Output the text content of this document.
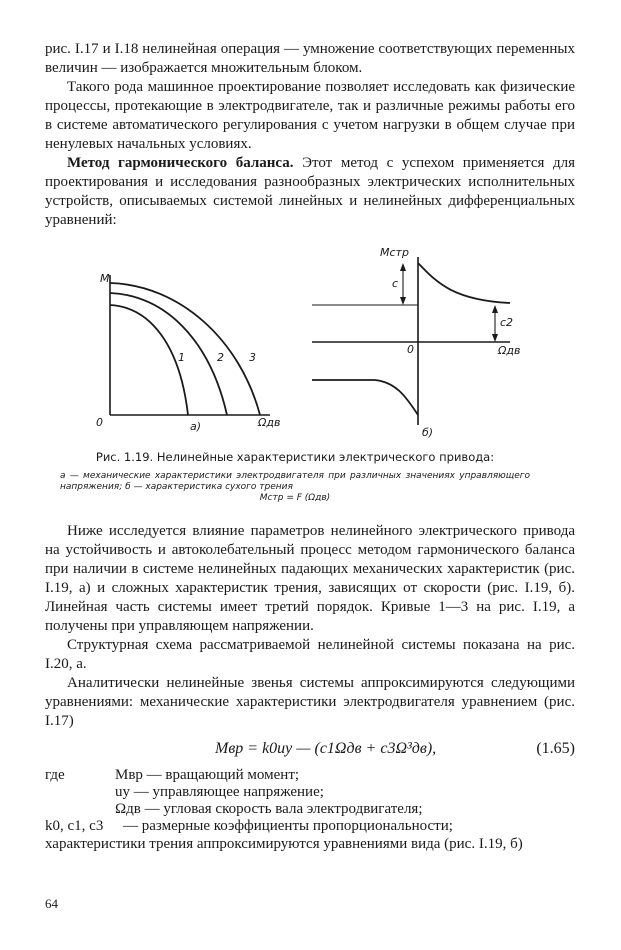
рис. I.17 и I.18 нелинейная операция — умножение соответствующих переменных величин — изображается множительным блоком.

Такого рода машинное проектирование позволяет исследовать как физические процессы, протекающие в электродвигателе, так и различные режимы работы его в системе автоматического регулирования с учетом нагрузки в общем случае при ненулевых начальных условиях.

Метод гармонического баланса. Этот метод с успехом применяется для проектирования и исследования разнообразных электрических исполнительных устройств, описываемых системой линейных и нелинейных дифференциальных уравнений:

M
0	Ωдв
1	2 3
а)
Mстр
0	Ωдв
c
c2
б)
Рис. 1.19. Нелинейные характеристики электрического привода:
а — механические характеристики электродвигателя при различных значениях управляющего напряжения; б — характеристика сухого трения
Mстр = F (Ωдв)

Ниже исследуется влияние параметров нелинейного электрического привода на устойчивость и автоколебательный процесс методом гармонического баланса при наличии в системе нелинейных падающих механических характеристик (рис. I.19, а) и сложных характеристик трения, зависящих от скорости (рис. I.19, б). Линейная часть системы имеет третий порядок. Кривые 1—3 на рис. I.19, а получены при управляющем напряжении.

Структурная схема рассматриваемой нелинейной системы показана на рис. I.20, а.

Аналитически нелинейные звенья системы аппроксимируются следующими уравнениями: механические характеристики электродвигателя уравнением (рис. I.17)

Mвр = k0uу — (c1Ωдв + c3Ω³дв),	(1.65)
где	Mвр — вращающий момент;
uу — управляющее напряжение;
Ωдв — угловая скорость вала электродвигателя;
k0, c1, c3 — размерные коэффициенты пропорциональности;

характеристики трения аппроксимируются уравнениями вида (рис. I.19, б)

64
